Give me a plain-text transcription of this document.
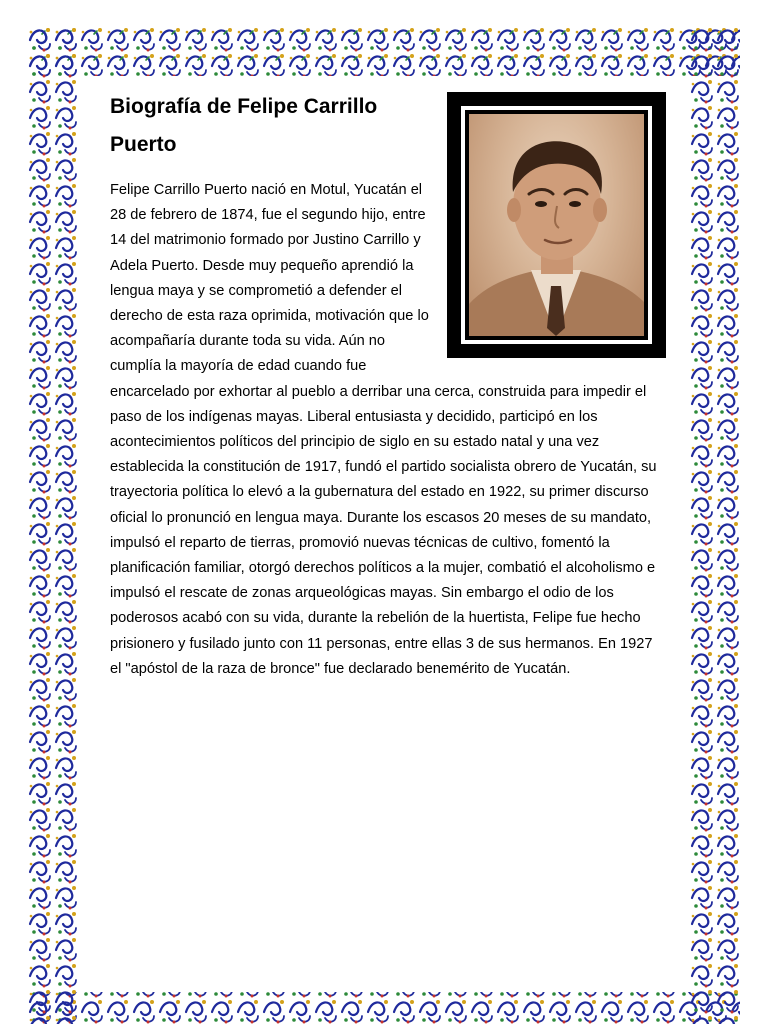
Biografía de Felipe Carrillo Puerto

Felipe Carrillo Puerto nació en Motul, Yucatán el 28 de febrero de 1874, fue el segundo hijo, entre 14 del matrimonio formado por Justino Carrillo y Adela Puerto. Desde muy pequeño aprendió la lengua maya y se comprometió a defender el derecho de esta raza oprimida, motivación que lo acompañaría durante toda su vida. Aún no cumplía la mayoría de edad cuando fue encarcelado por exhortar al pueblo a derribar una cerca, construida para impedir el paso de los indígenas mayas. Liberal entusiasta y decidido, participó en los acontecimientos políticos del principio de siglo en su estado natal y una vez establecida la constitución de 1917, fundó el partido socialista obrero de Yucatán, su trayectoria política lo elevó a la gubernatura del estado en 1922, su primer discurso oficial lo pronunció en lengua maya. Durante los escasos 20 meses de su mandato, impulsó el reparto de tierras, promovió nuevas técnicas de cultivo, fomentó la planificación familiar, otorgó derechos políticos a la mujer, combatió el alcoholismo e impulsó el rescate de zonas arqueológicas mayas. Sin embargo el odio de los poderosos acabó con su vida, durante la rebelión de la huertista, Felipe fue hecho prisionero y fusilado junto con 11 personas, entre ellas 3 de sus hermanos. En 1927 el "apóstol de la raza de bronce" fue declarado benemérito de Yucatán.
